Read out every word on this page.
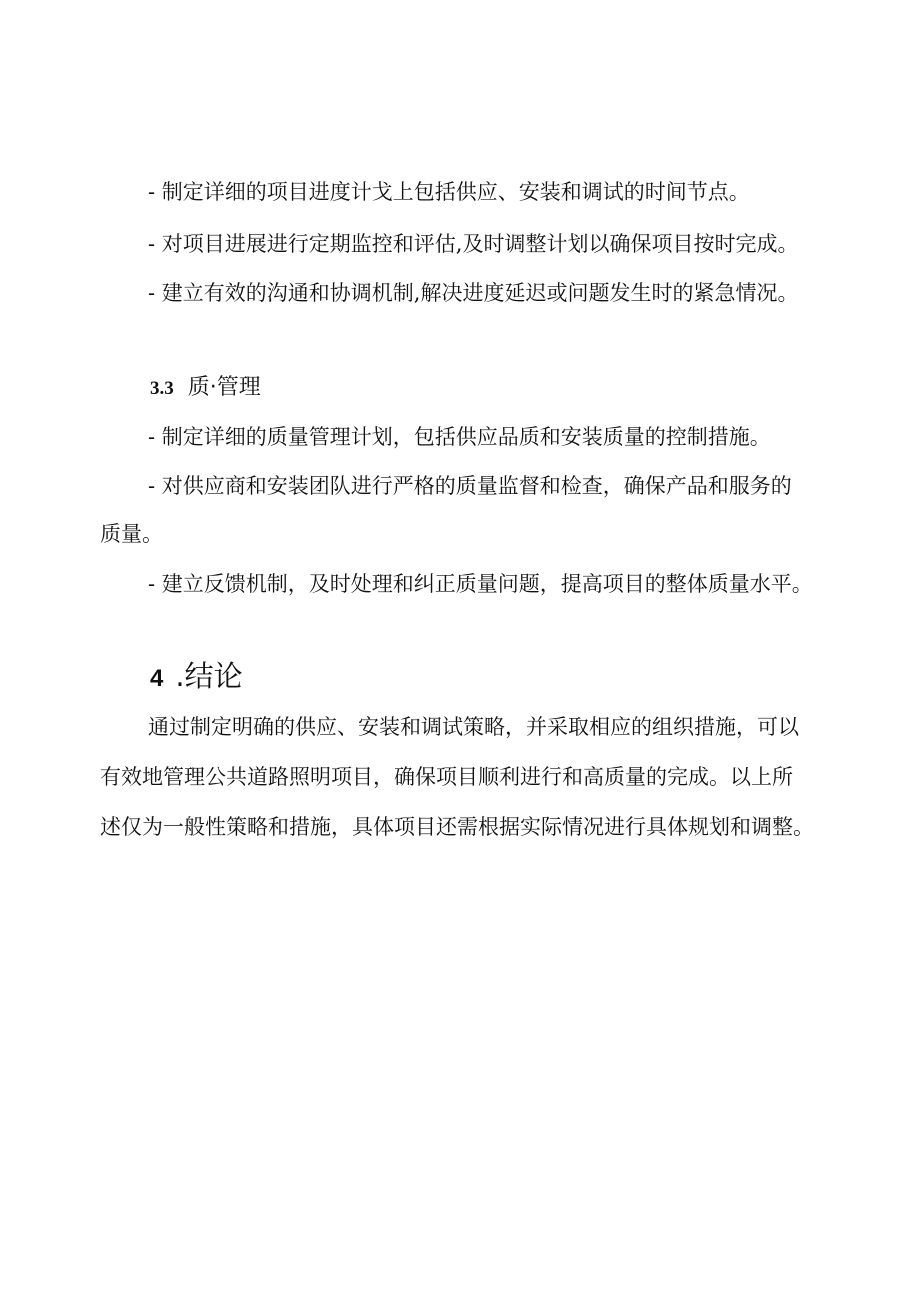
- 制定详细的项目进度计戈上包括供应、安装和调试的时间节点。
- 对项目进展进行定期监控和评估,及时调整计划以确保项目按时完成。
- 建立有效的沟通和协调机制,解决进度延迟或问题发生时的紧急情况。
3.3 质·管理
- 制定详细的质量管理计划，包括供应品质和安装质量的控制措施。
- 对供应商和安装团队进行严格的质量监督和检查，确保产品和服务的
质量。
- 建立反馈机制，及时处理和纠正质量问题，提高项目的整体质量水平。
4 .结论
通过制定明确的供应、安装和调试策略，并采取相应的组织措施，可以
有效地管理公共道路照明项目，确保项目顺利进行和高质量的完成。以上所
述仅为一般性策略和措施，具体项目还需根据实际情况进行具体规划和调整。
